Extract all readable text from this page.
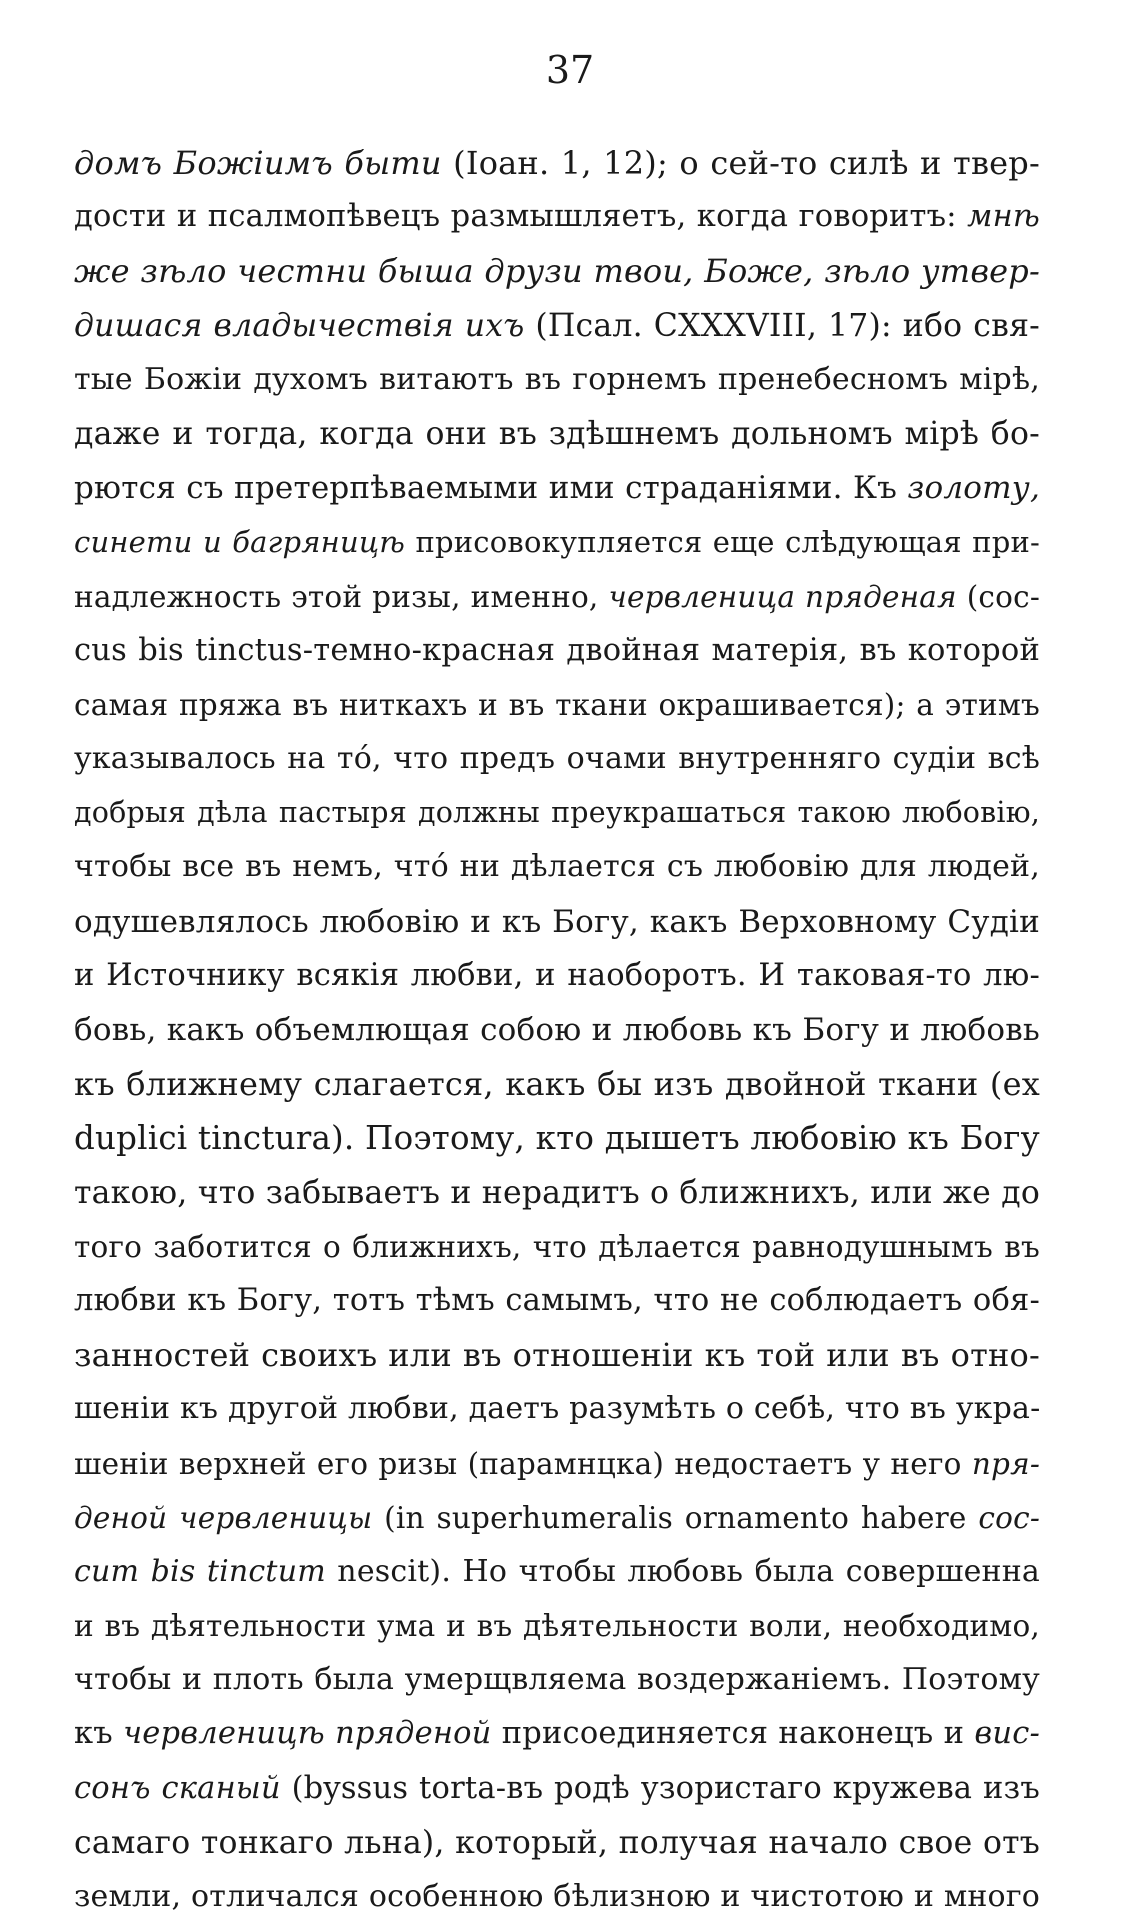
37
домъ Божіимъ быти (Іоан. 1, 12); о сей-то силѣ и твер-
дости и псалмопѣвецъ размышляетъ, когда говоритъ: мнѣ
же зѣло честни быша друзи твои, Боже, зѣло утвер-
дишася владычествія ихъ (Псал. CXXXVIII, 17): ибо свя-
тые Божіи духомъ витаютъ въ горнемъ пренебесномъ мірѣ,
даже и тогда, когда они въ здѣшнемъ дольномъ мірѣ бо-
рются съ претерпѣваемыми ими страданіями. Къ золоту,
синети и багряницѣ присовокупляется еще слѣдующая при-
надлежность этой ризы, именно, червленица пряденая (coc-
cus bis tinctus-темно-красная двойная матерія, въ которой
самая пряжа въ ниткахъ и въ ткани окрашивается); а этимъ
указывалось на то́, что предъ очами внутренняго судіи всѣ
добрыя дѣла пастыря должны преукрашаться такою любовію,
чтобы все въ немъ, что́ ни дѣлается съ любовію для людей,
одушевлялось любовію и къ Богу, какъ Верховному Судіи
и Источнику всякія любви, и наоборотъ. И таковая-то лю-
бовь, какъ объемлющая собою и любовь къ Богу и любовь
къ ближнему слагается, какъ бы изъ двойной ткани (ex
duplici tinctura). Поэтому, кто дышетъ любовію къ Богу
такою, что забываетъ и нерадитъ о ближнихъ, или же до
того заботится о ближнихъ, что дѣлается равнодушнымъ въ
любви къ Богу, тотъ тѣмъ самымъ, что не соблюдаетъ обя-
занностей своихъ или въ отношеніи къ той или въ отно-
шеніи къ другой любви, даетъ разумѣть о себѣ, что въ укра-
шеніи верхней его ризы (парамнцка) недостаетъ у него пря-
деной червленицы (in superhumeralis ornamento habere coc-
cum bis tinctum nescit). Но чтобы любовь была совершенна
и въ дѣятельности ума и въ дѣятельности воли, необходимо,
чтобы и плоть была умерщвляема воздержаніемъ. Поэтому
къ червленицѣ пряденой присоединяется наконецъ и вис-
сонъ сканый (byssus torta-въ родѣ узористаго кружева изъ
самаго тонкаго льна), который, получая начало свое отъ
земли, отличался особенною бѣлизною и чистотою и много
